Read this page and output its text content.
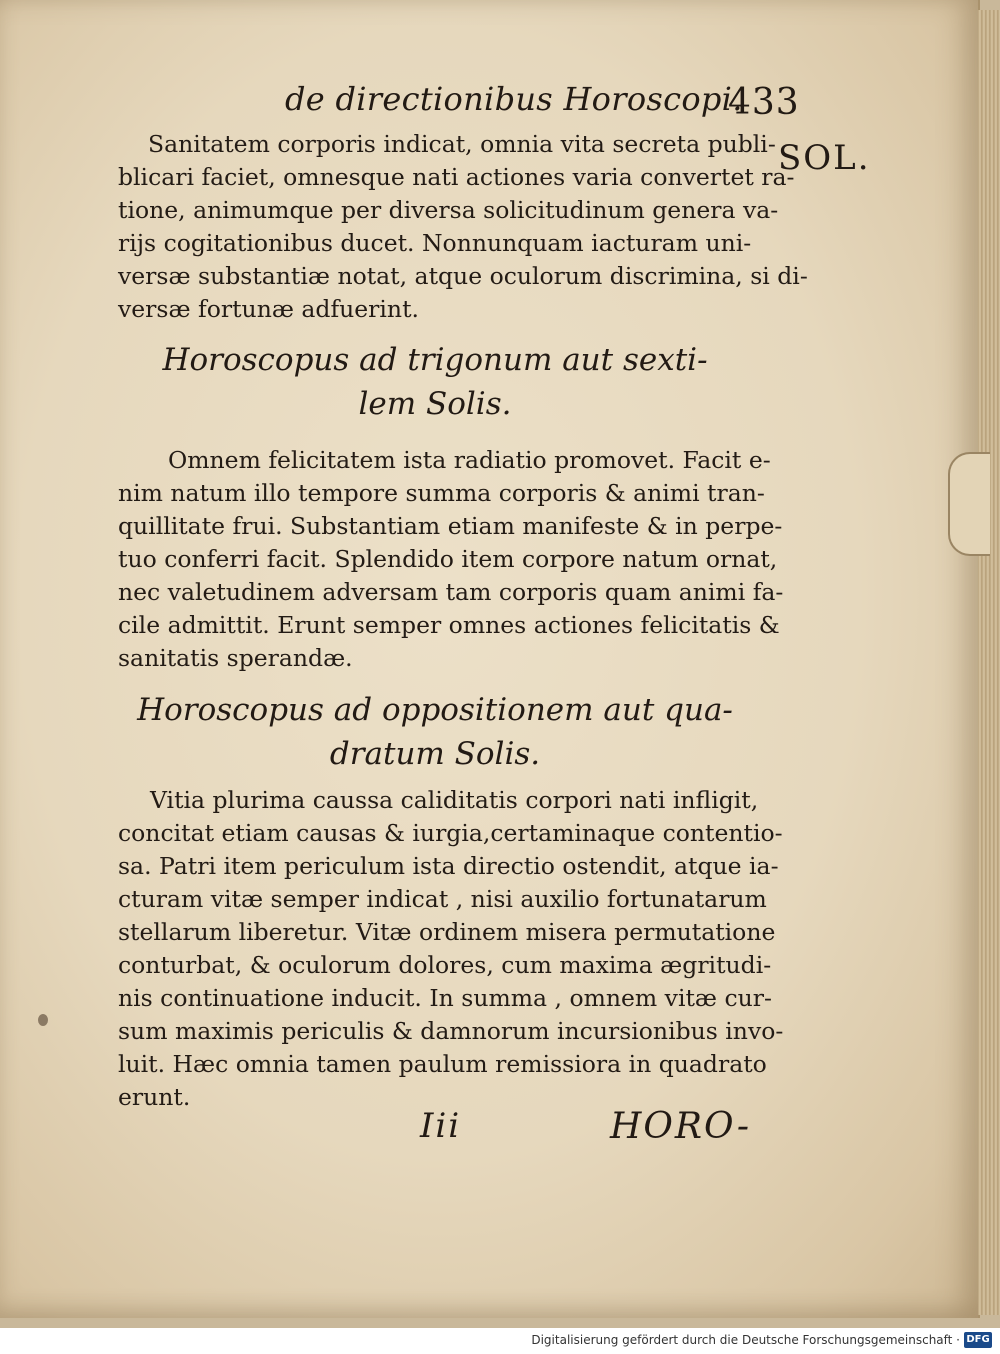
de directionibus Horoscopi.
433
SOL.
Sanitatem corporis indicat, omnia vita secreta publi-
blicari faciet, omnesque nati actiones varia convertet ra-
tione, animumque per diversa solicitudinum genera va-
rijs cogitationibus ducet. Nonnunquam iacturam uni-
versæ substantiæ notat, atque oculorum discrimina, si di-
versæ fortunæ adfuerint.
Horoscopus ad trigonum aut sexti-
lem Solis.
Omnem felicitatem ista radiatio promovet. Facit e-
nim natum illo tempore summa corporis & animi tran-
quillitate frui. Substantiam etiam manifeste & in perpe-
tuo conferri facit. Splendido item corpore natum ornat,
nec valetudinem adversam tam corporis quam animi fa-
cile admittit. Erunt semper omnes actiones felicitatis &
sanitatis sperandæ.
Horoscopus ad oppositionem aut qua-
dratum Solis.
Vitia plurima caussa caliditatis corpori nati infligit,
concitat etiam causas & iurgia,certaminaque contentio-
sa. Patri item periculum ista directio ostendit, atque ia-
cturam vitæ semper indicat , nisi auxilio fortunatarum
stellarum liberetur. Vitæ ordinem misera permutatione
conturbat, & oculorum dolores, cum maxima ægritudi-
nis continuatione inducit. In summa , omnem vitæ cur-
sum maximis periculis & damnorum incursionibus invo-
luit. Hæc omnia tamen paulum remissiora in quadrato
erunt.
Iii	HORO-
Digitalisierung gefördert durch die Deutsche Forschungsgemeinschaft · DFG
